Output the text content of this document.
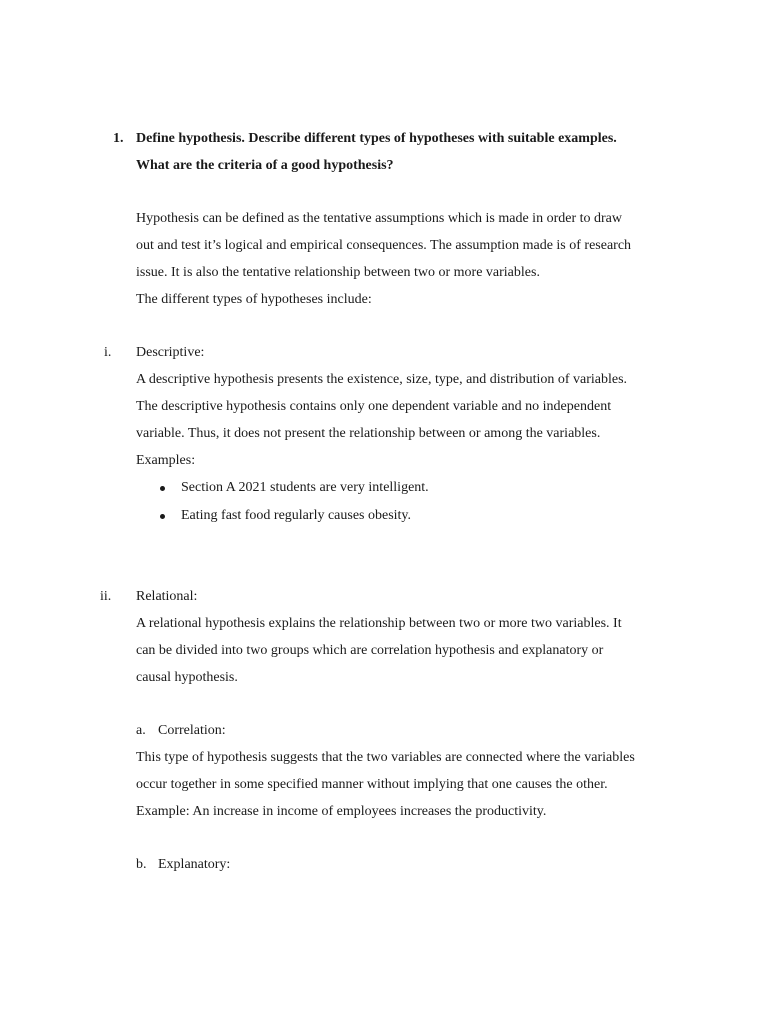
1. Define hypothesis. Describe different types of hypotheses with suitable examples.
What are the criteria of a good hypothesis?
Hypothesis can be defined as the tentative assumptions which is made in order to draw
out and test it’s logical and empirical consequences. The assumption made is of research
issue. It is also the tentative relationship between two or more variables.
The different types of hypotheses include:
i. Descriptive:
A descriptive hypothesis presents the existence, size, type, and distribution of variables.
The descriptive hypothesis contains only one dependent variable and no independent
variable. Thus, it does not present the relationship between or among the variables.
Examples:
Section A 2021 students are very intelligent.
Eating fast food regularly causes obesity.
ii. Relational:
A relational hypothesis explains the relationship between two or more two variables. It
can be divided into two groups which are correlation hypothesis and explanatory or
causal hypothesis.
a. Correlation:
This type of hypothesis suggests that the two variables are connected where the variables
occur together in some specified manner without implying that one causes the other.
Example: An increase in income of employees increases the productivity.
b. Explanatory:
